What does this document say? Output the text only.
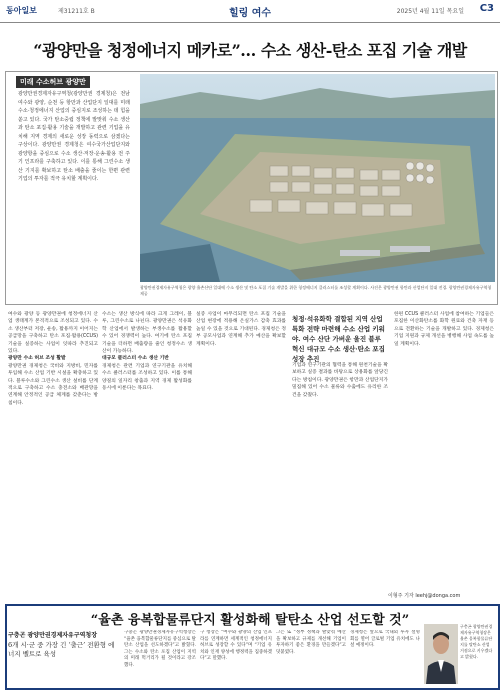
동아일보	제31211호 B	힐링 여수	2025년 4월 11일 목요일 C3
“광양만을 청정에너지 메카로”… 수소 생산-탄소 포집 기술 개발
미래 수소허브 광양만
광양만권경제자유구역청(광양만권 경제청)은 전남 여수와 광양, 순천 등 항만과 산업단지 일대를 미래 수소·청정에너지 산업의 중심지로 조성하는 데 힘을 쏟고 있다. 국가 탄소중립 정책에 발맞춰 수소 생산과 탄소 포집·활용 기술을 개발하고 관련 기업을 유치해 지역 경제의 새로운 성장 동력으로 삼겠다는 구상이다. 광양만권 경제청은 여수국가산업단지와 광양항을 중심으로 수소 생산·저장·운송·활용 전 주기 인프라를 구축하고 있다. 이를 통해 그린수소 생산 기지를 확보하고 탄소 배출을 줄이는 한편 관련 기업의 투자를 적극 유치할 계획이다.
광양만권경제자유구역청은 광양 율촌산단 일대에 수소 생산 및 탄소 포집 기술 개발을 위한 청정에너지 클러스터를 조성할 계획이다. 사진은 광양만권 항만과 산업단지 일대 전경. 광양만권경제자유구역청 제공
여수와 광양 등 광양만권에 청정에너지 산업 생태계가 본격적으로 조성되고 있다. 수소 생산부터 저장, 운송, 활용까지 이어지는 공급망을 구축하고 탄소 포집·활용(CCUS) 기술을 실증하는 사업이 잇따라 추진되고 있다.
광양만 수소 허브 조성 활발
광양만권 경제청은 국비와 지방비, 민자를 투입해 수소 산업 기반 시설을 확충하고 있다. 블루수소와 그린수소 생산 설비를 단계적으로 구축하고 수소 충전소와 배관망을 연계해 안정적인 공급 체계를 갖춘다는 방침이다.
수소는 생산 방식에 따라 크게 그레이, 블루, 그린수소로 나뉜다. 광양만권은 석유화학 산업에서 발생하는 부생수소를 활용할 수 있어 경쟁력이 높다. 여기에 탄소 포집 기술을 더하면 배출량을 줄인 청정수소 생산이 가능하다.
대규모 클러스터 수소 생산 기반
경제청은 관련 기업과 연구기관을 유치해 수소 클러스터를 조성하고 있다. 이를 통해 양질의 일자리 창출과 지역 경제 활성화를 동시에 이룬다는 목표다.
실증 사업이 마무리되면 탄소 포집 기술을 산업 현장에 적용해 온실가스 감축 효과를 높일 수 있을 것으로 기대된다. 경제청은 정부 공모사업과 연계해 추가 예산을 확보할 계획이다.
청정·석유화학 결합된 지역 산업 특화 전략 마련해 수소 산업 키워야. 여수 산단 가버운 울진 블루 혁신 대규모 수소 생산·탄소 포집 성장 추진
기업과 연구기관의 협력을 통해 원천기술을 확보하고 실증 결과를 바탕으로 상용화를 앞당긴다는 방침이다. 광양만권은 항만과 산업단지가 밀집해 있어 수소 물류와 수출에도 유리한 조건을 갖췄다.
한편 CCUS 클러스터 사업에 참여하는 기업들은 포집한 이산화탄소를 화학 원료와 건축 자재 등으로 전환하는 기술을 개발하고 있다. 경제청은 기업 지원과 규제 개선을 병행해 사업 속도를 높일 계획이다.
이형주 기자 leehj@donga.com
“율촌 융복합물류단지 활성화해 탈탄소 산업 선도할 것”
구충곤 광양만권경제자유구역청장
6개 시·군 중 가장 긴 ‘출근’ 전환형 에너지 벨트로 육성
구충곤 광양만권경제자유구역청장은 “율촌 융복합물류단지를 중심으로 탈탄소 산업을 선도하겠다”고 밝혔다. 그는 수소와 탄소 포집 산업이 지역의 미래 먹거리가 될 것이라고 강조했다.
구 청장은 “여수와 광양의 산업 인프라를 연계하면 세계적인 청정에너지 허브로 성장할 수 있다”며 “기업 유치와 인재 양성에 행정력을 집중하겠다”고 말했다.
그는 또 “정부 정책과 발맞춰 예산을 확보하고 규제를 개선해 기업이 투자하기 좋은 환경을 만들겠다”고 덧붙였다.
경제청은 앞으로 국내외 투자 설명회를 열어 글로벌 기업 유치에도 나설 예정이다.
구충곤 광양만권경제자유구역청장은 율촌 융복합물류단지를 탈탄소 산업 거점으로 키우겠다고 밝혔다.
